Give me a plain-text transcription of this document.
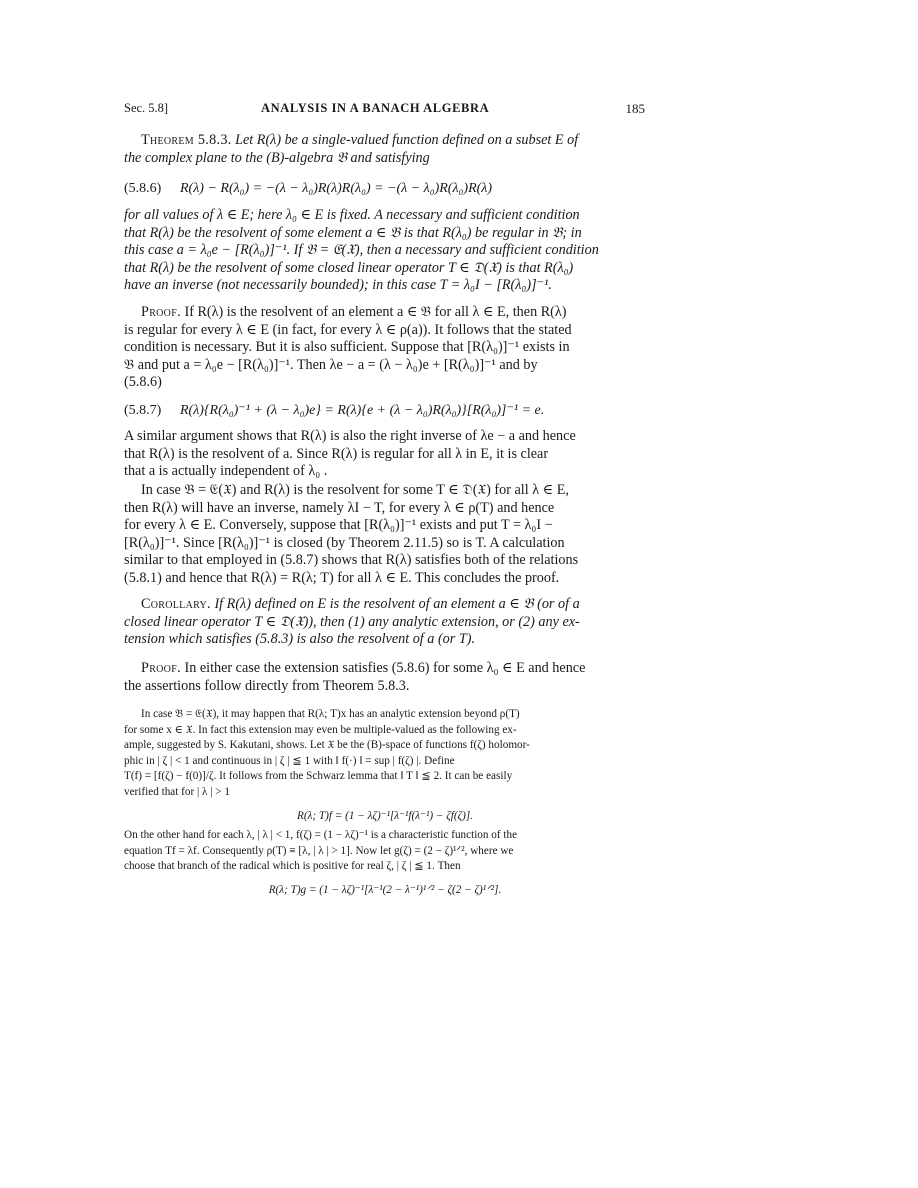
Sec. 5.8]	ANALYSIS IN A BANACH ALGEBRA	185

Theorem 5.8.3. Let R(λ) be a single-valued function defined on a subset E of

the complex plane to the (B)-algebra 𝔅 and satisfying

(5.8.6) R(λ) − R(λ₀) = −(λ − λ₀)R(λ)R(λ₀) = −(λ − λ₀)R(λ₀)R(λ)

for all values of λ ∈ E; here λ₀ ∈ E is fixed. A necessary and sufficient condition

that R(λ) be the resolvent of some element a ∈ 𝔅 is that R(λ₀) be regular in 𝔅; in

this case a = λ₀e − [R(λ₀)]⁻¹. If 𝔅 = 𝔈(𝔛), then a necessary and sufficient condition

that R(λ) be the resolvent of some closed linear operator T ∈ 𝔇(𝔛) is that R(λ₀)

have an inverse (not necessarily bounded); in this case T = λ₀I − [R(λ₀)]⁻¹.

Proof. If R(λ) is the resolvent of an element a ∈ 𝔅 for all λ ∈ E, then R(λ)

is regular for every λ ∈ E (in fact, for every λ ∈ ρ(a)). It follows that the stated

condition is necessary. But it is also sufficient. Suppose that [R(λ₀)]⁻¹ exists in

𝔅 and put a = λ₀e − [R(λ₀)]⁻¹. Then λe − a = (λ − λ₀)e + [R(λ₀)]⁻¹ and by

(5.8.6)

(5.8.7) R(λ){R(λ₀)⁻¹ + (λ − λ₀)e} = R(λ){e + (λ − λ₀)R(λ₀)}[R(λ₀)]⁻¹ = e.

A similar argument shows that R(λ) is also the right inverse of λe − a and hence

that R(λ) is the resolvent of a. Since R(λ) is regular for all λ in E, it is clear

that a is actually independent of λ₀ .

In case 𝔅 = 𝔈(𝔛) and R(λ) is the resolvent for some T ∈ 𝔇(𝔛) for all λ ∈ E,

then R(λ) will have an inverse, namely λI − T, for every λ ∈ ρ(T) and hence

for every λ ∈ E. Conversely, suppose that [R(λ₀)]⁻¹ exists and put T = λ₀I −

[R(λ₀)]⁻¹. Since [R(λ₀)]⁻¹ is closed (by Theorem 2.11.5) so is T. A calculation

similar to that employed in (5.8.7) shows that R(λ) satisfies both of the relations

(5.8.1) and hence that R(λ) = R(λ; T) for all λ ∈ E. This concludes the proof.

Corollary. If R(λ) defined on E is the resolvent of an element a ∈ 𝔅 (or of a

closed linear operator T ∈ 𝔇(𝔛)), then (1) any analytic extension, or (2) any ex-

tension which satisfies (5.8.3) is also the resolvent of a (or T).

Proof. In either case the extension satisfies (5.8.6) for some λ₀ ∈ E and hence

the assertions follow directly from Theorem 5.8.3.

In case 𝔅 = 𝔈(𝔛), it may happen that R(λ; T)x has an analytic extension beyond ρ(T)

for some x ∈ 𝔛. In fact this extension may even be multiple-valued as the following ex-

ample, suggested by S. Kakutani, shows. Let 𝔛 be the (B)-space of functions f(ζ) holomor-

phic in | ζ | < 1 and continuous in | ζ | ≦ 1 with ‖ f(·) ‖ = sup | f(ζ) |. Define

T(f) = [f(ζ) − f(0)]/ζ. It follows from the Schwarz lemma that ‖ T ‖ ≦ 2. It can be easily

verified that for | λ | > 1

R(λ; T)f = (1 − λζ)⁻¹[λ⁻¹f(λ⁻¹) − ζf(ζ)].

On the other hand for each λ, | λ | < 1, f(ζ) = (1 − λζ)⁻¹ is a characteristic function of the

equation Tf = λf. Consequently ρ(T) ≡ [λ, | λ | > 1]. Now let g(ζ) = (2 − ζ)¹ᐟ², where we

choose that branch of the radical which is positive for real ζ, | ζ | ≦ 1. Then

R(λ; T)g = (1 − λζ)⁻¹[λ⁻¹(2 − λ⁻¹)¹ᐟ² − ζ(2 − ζ)¹ᐟ²].
